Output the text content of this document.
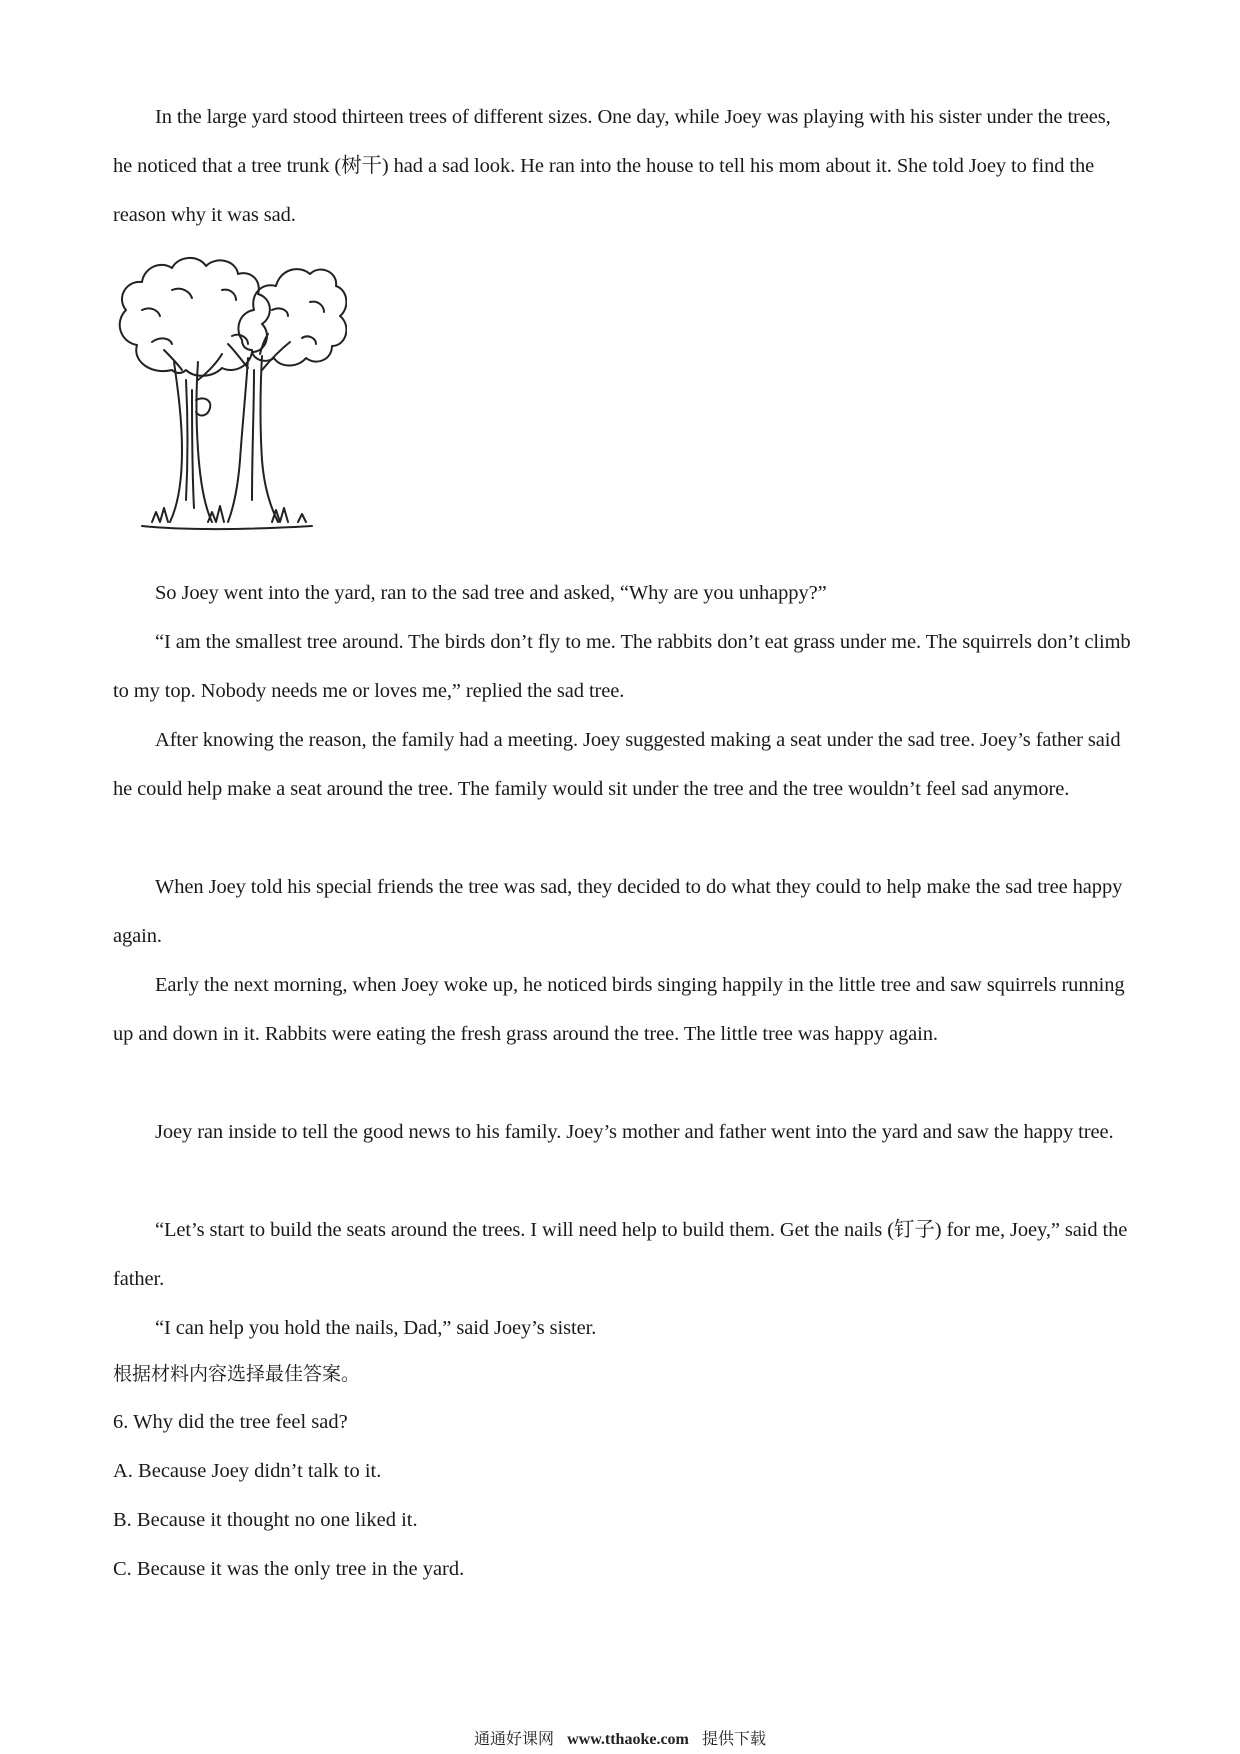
In the large yard stood thirteen trees of different sizes. One day, while Joey was playing with his sister under the trees, he noticed that a tree trunk (树干) had a sad look. He ran into the house to tell his mom about it. She told Joey to find the reason why it was sad.

So Joey went into the yard, ran to the sad tree and asked, “Why are you unhappy?”

“I am the smallest tree around. The birds don’t fly to me. The rabbits don’t eat grass under me. The squirrels don’t climb to my top. Nobody needs me or loves me,” replied the sad tree.

After knowing the reason, the family had a meeting. Joey suggested making a seat under the sad tree. Joey’s father said he could help make a seat around the tree. The family would sit under the tree and the tree wouldn’t feel sad anymore.

When Joey told his special friends the tree was sad, they decided to do what they could to help make the sad tree happy again.

Early the next morning, when Joey woke up, he noticed birds singing happily in the little tree and saw squirrels running up and down in it. Rabbits were eating the fresh grass around the tree. The little tree was happy again.

Joey ran inside to tell the good news to his family. Joey’s mother and father went into the yard and saw the happy tree.

“Let’s start to build the seats around the trees. I will need help to build them. Get the nails (钉子) for me, Joey,” said the father.

“I can help you hold the nails, Dad,” said Joey’s sister.

根据材料内容选择最佳答案。

6. Why did the tree feel sad?

A. Because Joey didn’t talk to it.

B. Because it thought no one liked it.

C. Because it was the only tree in the yard.

通通好课网 www.tthaoke.com 提供下载
